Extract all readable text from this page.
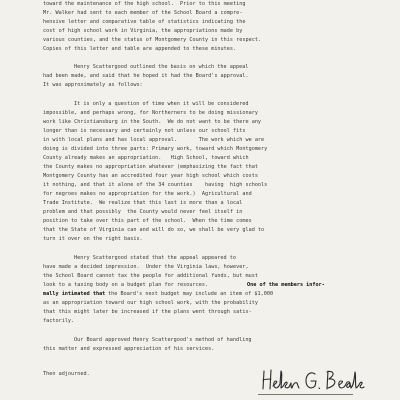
toward the maintenance of the high school.  Prior to this meeting
Mr. Walker had sent to each member of the School Board a compre-
hensive letter and comparative table of statistics indicating the
cost of high school work in Virginia, the appropriations made by
various counties, and the status of Montgomery County in this respect.
Copies of this letter and table are appended to these minutes.
Henry Scattergood outlined the basis on which the appeal
had been made, and said that he hoped it had the Board's approval.
It was approximately as follows:
It is only a question of time when it will be considered
impossible, and perhaps wrong, for Northerners to be doing missionary
work like Christiansburg in the South.  We do not want to be there any
longer than is necessary and certainly not unless our school fits
in with local plans and has local approval.       The work which we are
doing is divided into three parts: Primary work, toward which Montgomery
County already makes an appropriation.   High School, toward which
the County makes no appropriation whatever (emphasizing the fact that
Montgomery County has an accredited four year high school which costs
it nothing, and that it alone of the 34 counties    having  high schools
for negroes makes no appropriation for the work.)  Agricultural and
Trade Institute.  We realize that this last is more than a local
problem and that possibly  the County would never feel itself in
position to take over this part of the school.  When the time comes
that the State of Virginia can and will do so, we shall be very glad to
turn it over on the right basis.
Henry Scattergood stated that the appeal appeared to
have made a decided impression.  Under the Virginia laws, however,
the School Board cannot tax the people for additional funds, but must
look to a taxing body on a budget plan for resources.	One of the members infor-
mally intimated that the Board's next budget may include an item of $1,000
as an appropriation toward our high school work, with the probability
that this might later be increased if the plans went through satis-
factorily.
Our Board approved Henry Scattergood's method of handling
this matter and expressed appreciation of his services.
Then adjourned.
